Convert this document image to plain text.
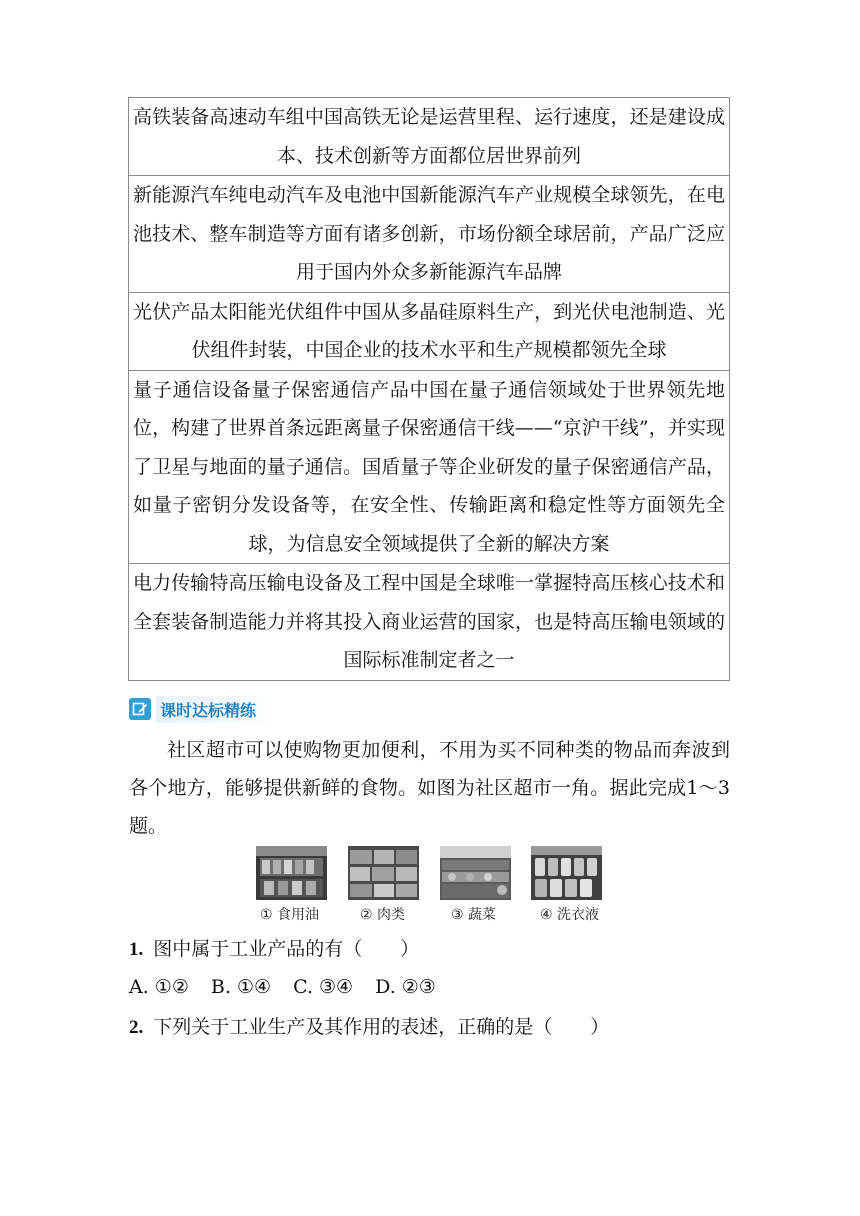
高铁装备高速动车组中国高铁无论是运营里程、运行速度，还是建设成本、技术创新等方面都位居世界前列
新能源汽车纯电动汽车及电池中国新能源汽车产业规模全球领先，在电池技术、整车制造等方面有诸多创新，市场份额全球居前，产品广泛应用于国内外众多新能源汽车品牌
光伏产品太阳能光伏组件中国从多晶硅原料生产，到光伏电池制造、光伏组件封装，中国企业的技术水平和生产规模都领先全球
量子通信设备量子保密通信产品中国在量子通信领域处于世界领先地位，构建了世界首条远距离量子保密通信干线——“京沪干线”，并实现了卫星与地面的量子通信。国盾量子等企业研发的量子保密通信产品，如量子密钥分发设备等，在安全性、传输距离和稳定性等方面领先全球，为信息安全领域提供了全新的解决方案
电力传输特高压输电设备及工程中国是全球唯一掌握特高压核心技术和全套装备制造能力并将其投入商业运营的国家，也是特高压输电领域的国际标准制定者之一
课时达标精练
社区超市可以使购物更加便利，不用为买不同种类的物品而奔波到各个地方，能够提供新鲜的食物。如图为社区超市一角。据此完成1～3 题。
① 食用油	② 肉类	③ 蔬菜	④ 洗衣液
1. 图中属于工业产品的有（　　）
A. ①② B. ①④ C. ③④ D. ②③
2. 下列关于工业生产及其作用的表述，正确的是（　　）
